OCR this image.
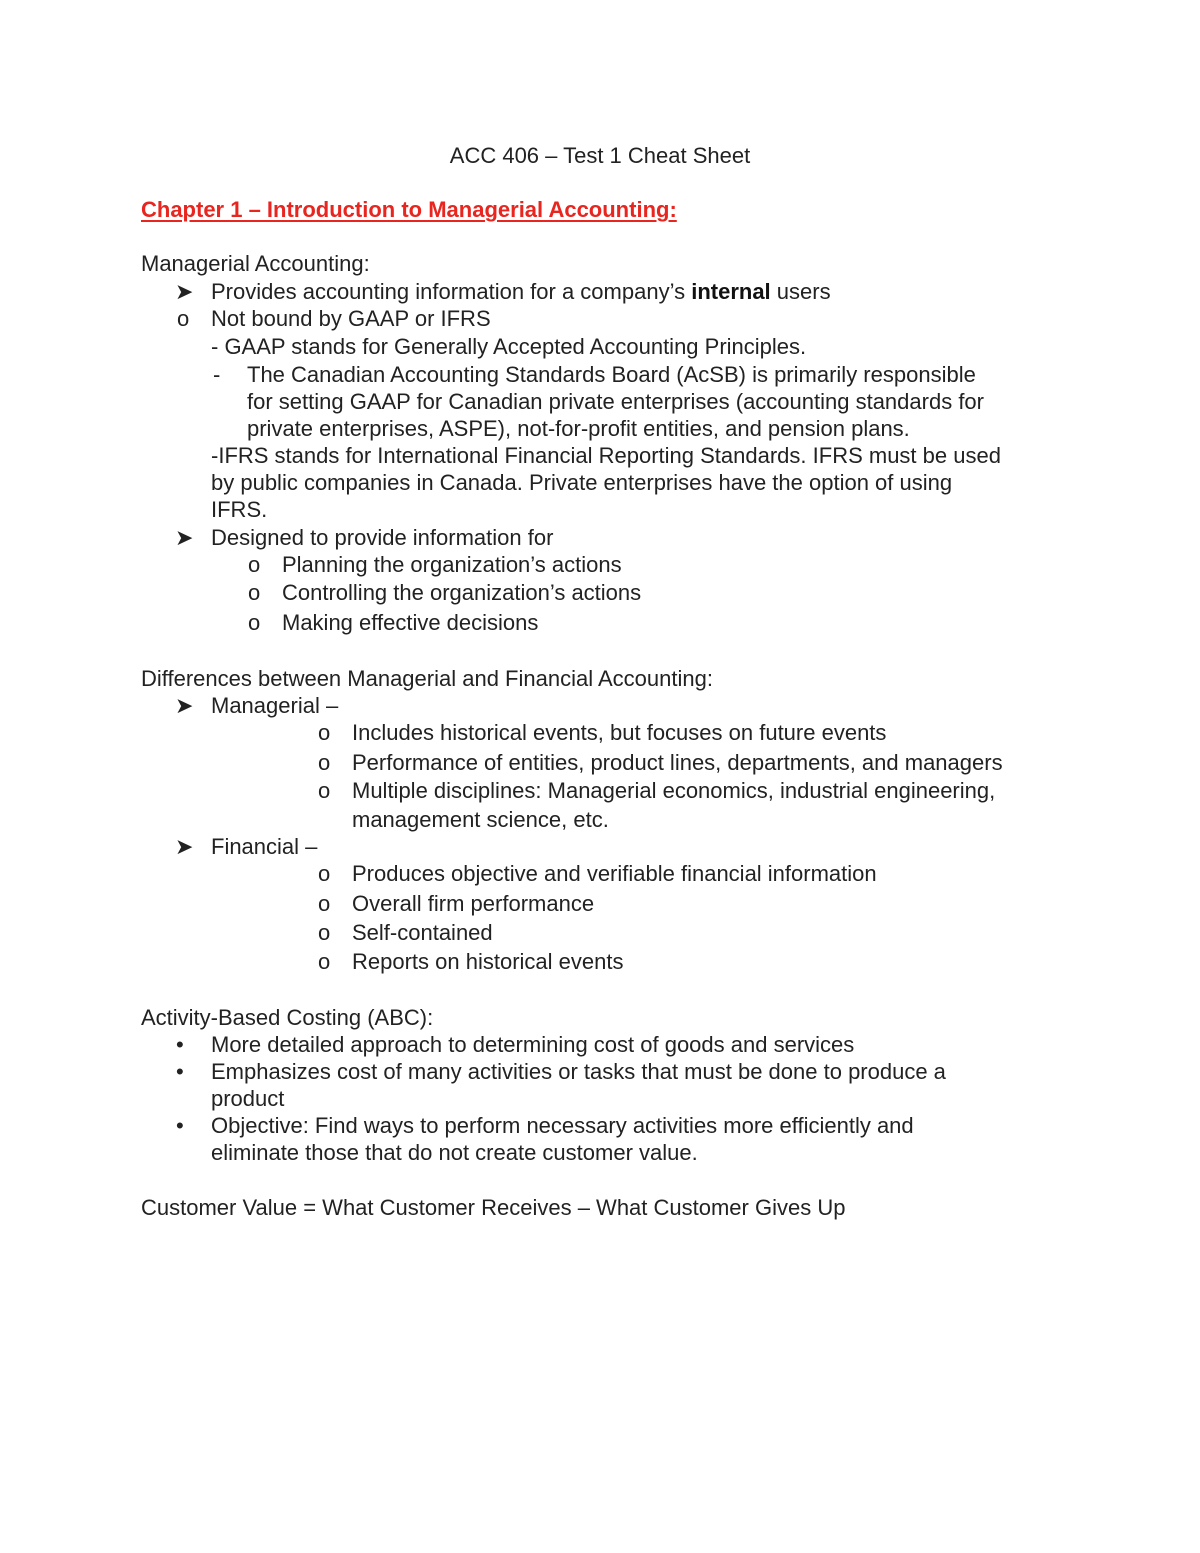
ACC 406 – Test 1 Cheat Sheet
Chapter 1 – Introduction to Managerial Accounting:
Managerial Accounting:
➤ Provides accounting information for a company’s internal users
o Not bound by GAAP or IFRS
- GAAP stands for Generally Accepted Accounting Principles.
- The Canadian Accounting Standards Board (AcSB) is primarily responsible
for setting GAAP for Canadian private enterprises (accounting standards for
private enterprises, ASPE), not-for-profit entities, and pension plans.
-IFRS stands for International Financial Reporting Standards. IFRS must be used
by public companies in Canada. Private enterprises have the option of using
IFRS.
➤ Designed to provide information for
o Planning the organization’s actions
o Controlling the organization’s actions
o Making effective decisions
Differences between Managerial and Financial Accounting:
➤ Managerial –
o Includes historical events, but focuses on future events
o Performance of entities, product lines, departments, and managers
o Multiple disciplines: Managerial economics, industrial engineering,
management science, etc.
➤ Financial –
o Produces objective and verifiable financial information
o Overall firm performance
o Self-contained
o Reports on historical events
Activity-Based Costing (ABC):
• More detailed approach to determining cost of goods and services
• Emphasizes cost of many activities or tasks that must be done to produce a
product
• Objective: Find ways to perform necessary activities more efficiently and
eliminate those that do not create customer value.
Customer Value = What Customer Receives – What Customer Gives Up
